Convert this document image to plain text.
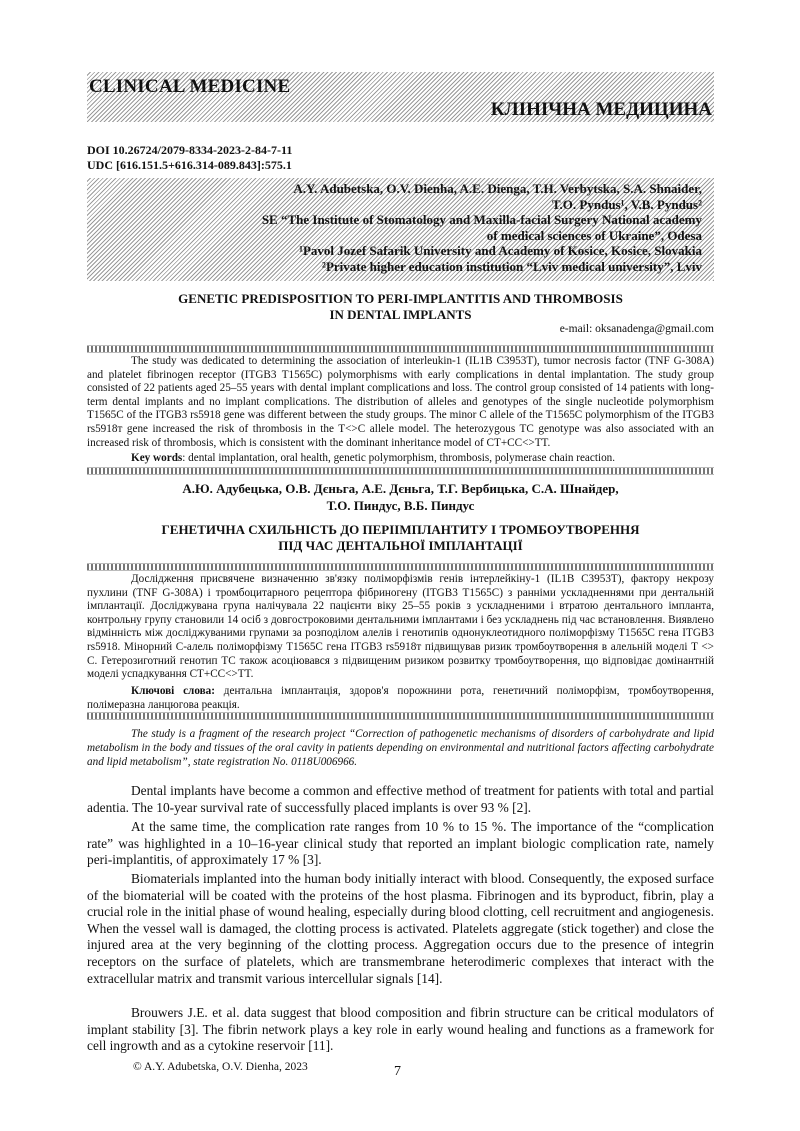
CLINICAL MEDICINE
КЛІНІЧНА МЕДИЦИНА
DOI 10.26724/2079-8334-2023-2-84-7-11
UDC [616.151.5+616.314-089.843]:575.1
A.Y. Adubetska, O.V. Dienha, A.E. Dienga, T.H. Verbytska, S.A. Shnaider,
T.O. Pyndus¹, V.B. Pyndus²
SE “The Institute of Stomatology and Maxilla-facial Surgery National academy
of medical sciences of Ukraine”, Odesa
¹Pavol Jozef Safarik University and Academy of Kosice, Kosice, Slovakia
²Private higher education institution “Lviv medical university”, Lviv
GENETIC PREDISPOSITION TO PERI-IMPLANTITIS AND THROMBOSIS
IN DENTAL IMPLANTS
e-mail: oksanadenga@gmail.com

The study was dedicated to determining the association of interleukin-1 (IL1B C3953T), tumor necrosis factor (TNF G-308A) and platelet fibrinogen receptor (ITGB3 T1565C) polymorphisms with early complications in dental implantation. The study group consisted of 22 patients aged 25–55 years with dental implant complications and loss. The control group consisted of 14 patients with long-term dental implants and no implant complications. The distribution of alleles and genotypes of the single nucleotide polymorphism T1565C of the ITGB3 rs5918 gene was different between the study groups. The minor C allele of the T1565C polymorphism of the ITGB3 rs5918т gene increased the risk of thrombosis in the T<>C allele model. The heterozygous TC genotype was also associated with an increased risk of thrombosis, which is consistent with the dominant inheritance model of CT+CC<>TT.

Key words: dental implantation, oral health, genetic polymorphism, thrombosis, polymerase chain reaction.

А.Ю. Адубецька, О.В. Дєньга, А.Е. Дєньга, Т.Г. Вербицька, С.А. Шнайдер,
Т.О. Пиндус, В.Б. Пиндус
ГЕНЕТИЧНА СХИЛЬНІСТЬ ДО ПЕРІІМПЛАНТИТУ І ТРОМБОУТВОРЕННЯ
ПІД ЧАС ДЕНТАЛЬНОЇ ІМПЛАНТАЦІЇ

Дослідження присвячене визначенню зв'язку поліморфізмів генів інтерлейкіну-1 (IL1B C3953T), фактору некрозу пухлини (TNF G-308A) і тромбоцитарного рецептора фібриногену (ITGB3 T1565C) з ранніми ускладненнями при дентальній імплантації. Досліджувана група налічувала 22 пацієнти віку 25–55 років з ускладненими і втратою дентального імпланта, контрольну групу становили 14 осіб з довгостроковими дентальними імплантами і без ускладнень під час встановлення. Виявлено відмінність між досліджуваними групами за розподілом алелів і генотипів однонуклеотидного поліморфізму T1565C гена ITGB3 rs5918. Мінорний С-алель поліморфізму T1565C гена ITGB3 rs5918т підвищував ризик тромбоутворення в алельній моделі T <> C. Гетерозиготний генотип TC також асоціювався з підвищеним ризиком розвитку тромбоутворення, що відповідає домінантній моделі успадкування CT+CC<>TT.

Ключові слова: дентальна імплантація, здоров'я порожнини рота, генетичний поліморфізм, тромбоутворення, полімеразна ланцюгова реакція.

The study is a fragment of the research project “Correction of pathogenetic mechanisms of disorders of carbohydrate and lipid metabolism in the body and tissues of the oral cavity in patients depending on environmental and nutritional factors affecting carbohydrate and lipid metabolism”, state registration No. 0118U006966.

Dental implants have become a common and effective method of treatment for patients with total and partial adentia. The 10-year survival rate of successfully placed implants is over 93 % [2].

At the same time, the complication rate ranges from 10 % to 15 %. The importance of the “complication rate” was highlighted in a 10–16-year clinical study that reported an implant biologic complication rate, namely peri-implantitis, of approximately 17 % [3].

Biomaterials implanted into the human body initially interact with blood. Consequently, the exposed surface of the biomaterial will be coated with the proteins of the host plasma. Fibrinogen and its byproduct, fibrin, play a crucial role in the initial phase of wound healing, especially during blood clotting, cell recruitment and angiogenesis. When the vessel wall is damaged, the clotting process is activated. Platelets aggregate (stick together) and close the injured area at the very beginning of the clotting process. Aggregation occurs due to the presence of integrin receptors on the surface of platelets, which are transmembrane heterodimeric complexes that interact with the extracellular matrix and transmit various intercellular signals [14].

Brouwers J.E. et al. data suggest that blood composition and fibrin structure can be critical modulators of implant stability [3]. The fibrin network plays a key role in early wound healing and functions as a framework for cell ingrowth and as a cytokine reservoir [11].

© A.Y. Adubetska, O.V. Dienha, 2023	7
